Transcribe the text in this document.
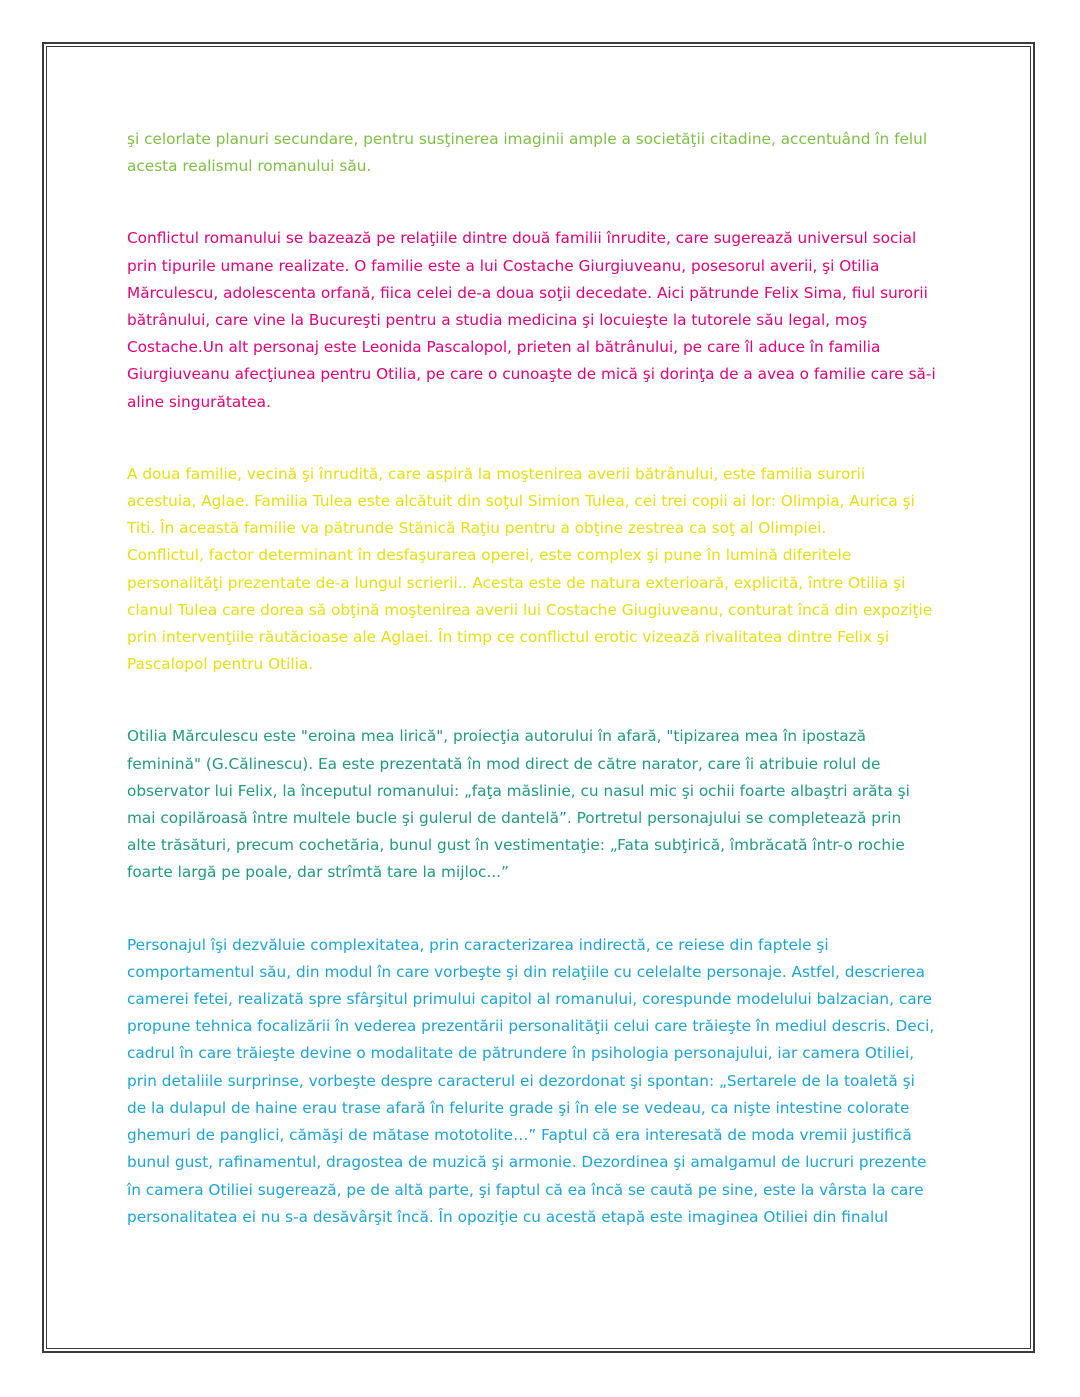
şi celorlate planuri secundare, pentru susţinerea imaginii ample a societăţii citadine, accentuând în felul
acesta realismul romanului său.

Conflictul romanului se bazează pe relaţiile dintre două familii înrudite, care sugerează universul social
prin tipurile umane realizate. O familie este a lui Costache Giurgiuveanu, posesorul averii, şi Otilia
Mărculescu, adolescenta orfană, fiica celei de-a doua soţii decedate. Aici pătrunde Felix Sima, fiul surorii
bătrânului, care vine la Bucureşti pentru a studia medicina şi locuieşte la tutorele său legal, moş
Costache.Un alt personaj este Leonida Pascalopol, prieten al bătrânului, pe care îl aduce în familia
Giurgiuveanu afecţiunea pentru Otilia, pe care o cunoaşte de mică şi dorinţa de a avea o familie care să-i
aline singurătatea.

A doua familie, vecină şi înrudită, care aspiră la moştenirea averii bătrânului, este familia surorii
acestuia, Aglae. Familia Tulea este alcătuit din soţul Simion Tulea, cei trei copii ai lor: Olimpia, Aurica şi
Titi. În această familie va pătrunde Stănică Raţiu pentru a obţine zestrea ca soţ al Olimpiei.
Conflictul, factor determinant în desfaşurarea operei, este complex şi pune în lumină diferitele
personalităţi prezentate de-a lungul scrierii.. Acesta este de natura exterioară, explicită, între Otilia şi
clanul Tulea care dorea să obţină moştenirea averii lui Costache Giugiuveanu, conturat încă din expoziţie
prin intervenţiile răutăcioase ale Aglaei. În timp ce conflictul erotic vizează rivalitatea dintre Felix şi
Pascalopol pentru Otilia.

Otilia Mărculescu este "eroina mea lirică", proiecţia autorului în afară, "tipizarea mea în ipostază
feminină" (G.Călinescu). Ea este prezentată în mod direct de către narator, care îi atribuie rolul de
observator lui Felix, la începutul romanului: „faţa măslinie, cu nasul mic şi ochii foarte albaştri arăta şi
mai copilăroasă între multele bucle şi gulerul de dantelă”. Portretul personajului se completează prin
alte trăsături, precum cochetăria, bunul gust în vestimentaţie: „Fata subţirică, îmbrăcată într-o rochie
foarte largă pe poale, dar strîmtă tare la mijloc...”

Personajul îşi dezvăluie complexitatea, prin caracterizarea indirectă, ce reiese din faptele şi
comportamentul său, din modul în care vorbeşte şi din relaţiile cu celelalte personaje. Astfel, descrierea
camerei fetei, realizată spre sfârşitul primului capitol al romanului, corespunde modelului balzacian, care
propune tehnica focalizării în vederea prezentării personalităţii celui care trăieşte în mediul descris. Deci,
cadrul în care trăieşte devine o modalitate de pătrundere în psihologia personajului, iar camera Otiliei,
prin detaliile surprinse, vorbeşte despre caracterul ei dezordonat şi spontan: „Sertarele de la toaletă şi
de la dulapul de haine erau trase afară în felurite grade şi în ele se vedeau, ca nişte intestine colorate
ghemuri de panglici, cămăşi de mătase mototolite…” Faptul că era interesată de moda vremii justifică
bunul gust, rafinamentul, dragostea de muzică şi armonie. Dezordinea şi amalgamul de lucruri prezente
în camera Otiliei sugerează, pe de altă parte, şi faptul că ea încă se caută pe sine, este la vârsta la care
personalitatea ei nu s-a desăvârşit încă. În opoziţie cu acestă etapă este imaginea Otiliei din finalul
